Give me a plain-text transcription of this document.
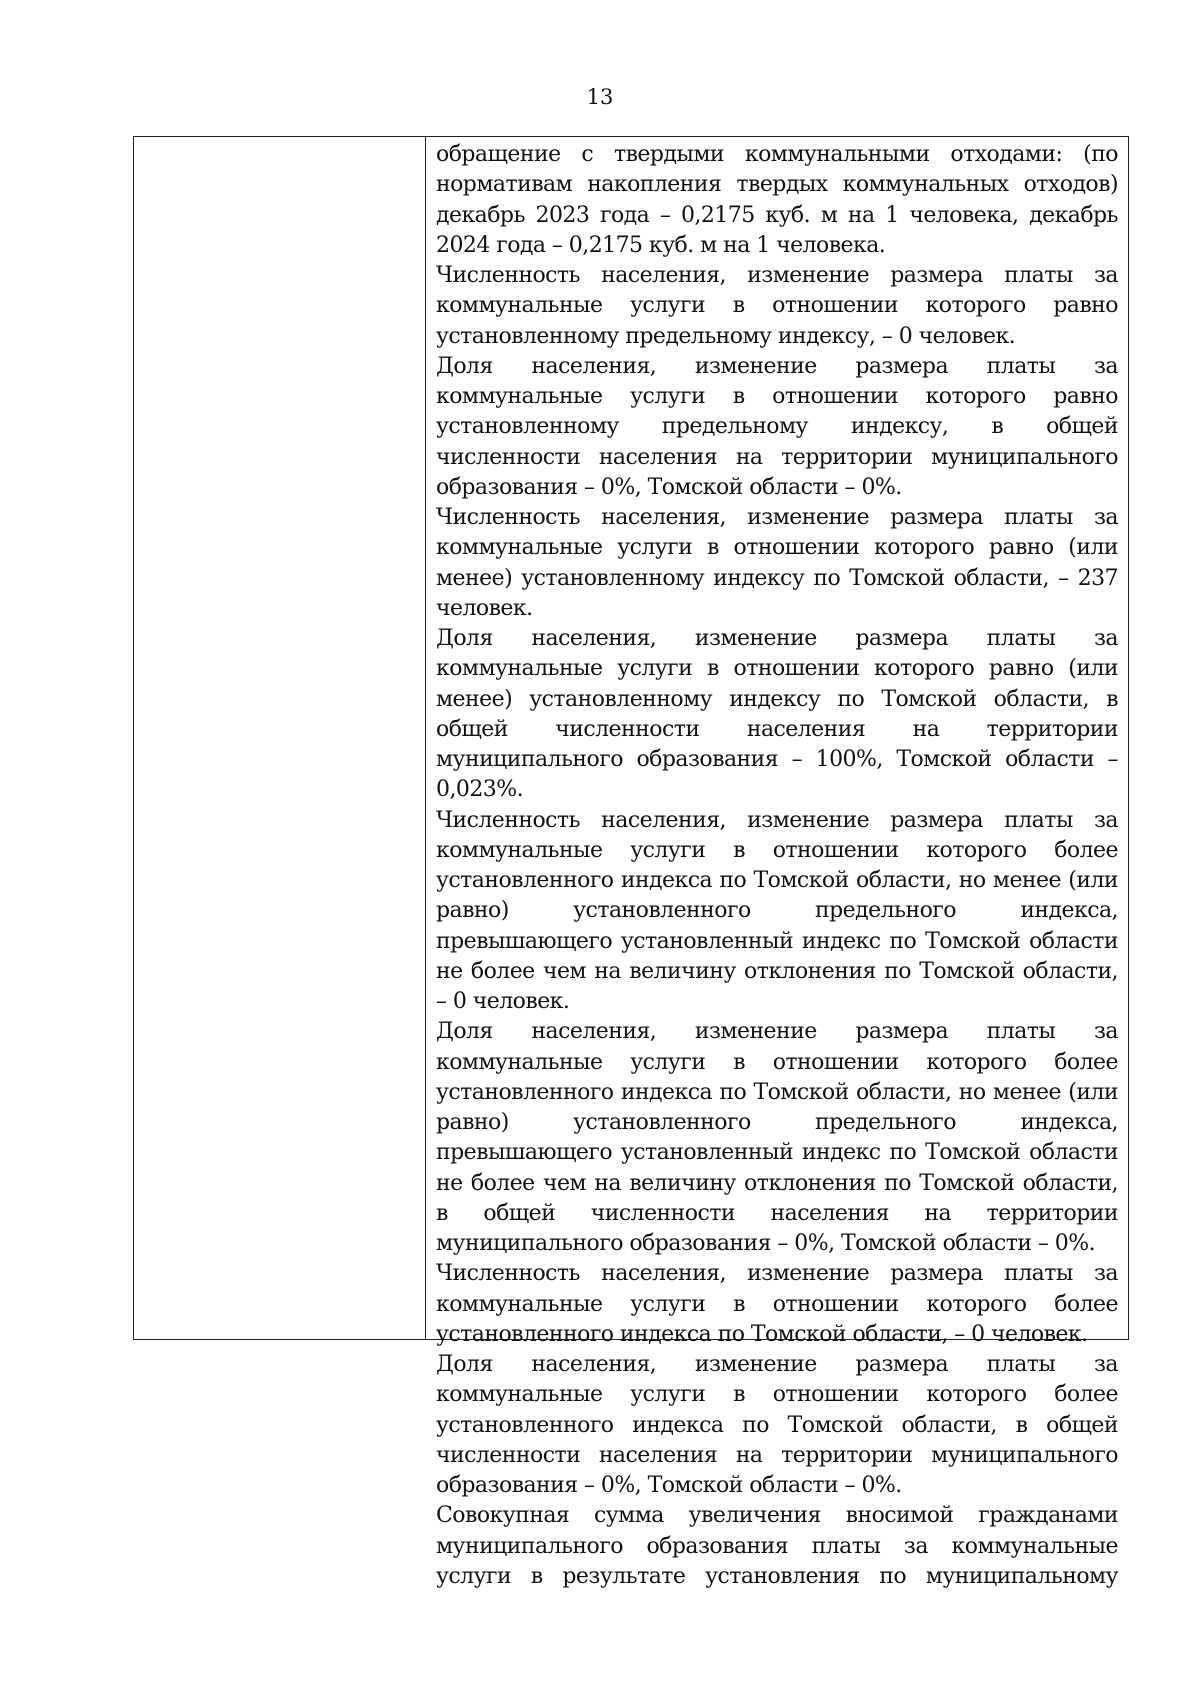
13

обращение с твердыми коммунальными отходами: (по нормативам накопления твердых коммунальных отходов) декабрь 2023 года – 0,2175 куб. м на 1 человека, декабрь 2024 года – 0,2175 куб. м на 1 человека.

Численность населения, изменение размера платы за коммунальные услуги в отношении которого равно установленному предельному индексу, – 0 человек.

Доля населения, изменение размера платы за коммунальные услуги в отношении которого равно установленному предельному индексу, в общей численности населения на территории муниципального образования – 0%, Томской области – 0%.

Численность населения, изменение размера платы за коммунальные услуги в отношении которого равно (или менее) установленному индексу по Томской области, – 237 человек.

Доля населения, изменение размера платы за коммунальные услуги в отношении которого равно (или менее) установленному индексу по Томской области, в общей численности населения на территории муниципального образования – 100%, Томской области – 0,023%.

Численность населения, изменение размера платы за коммунальные услуги в отношении которого более установленного индекса по Томской области, но менее (или равно) установленного предельного индекса, превышающего установленный индекс по Томской области не более чем на величину отклонения по Томской области, – 0 человек.

Доля населения, изменение размера платы за коммунальные услуги в отношении которого более установленного индекса по Томской области, но менее (или равно) установленного предельного индекса, превышающего установленный индекс по Томской области не более чем на величину отклонения по Томской области, в общей численности населения на территории муниципального образования – 0%, Томской области – 0%.

Численность населения, изменение размера платы за коммунальные услуги в отношении которого более установленного индекса по Томской области, – 0 человек.

Доля населения, изменение размера платы за коммунальные услуги в отношении которого более установленного индекса по Томской области, в общей численности населения на территории муниципального образования – 0%, Томской области – 0%.

Совокупная сумма увеличения вносимой гражданами муниципального образования платы за коммунальные услуги в результате установления по муниципальному
